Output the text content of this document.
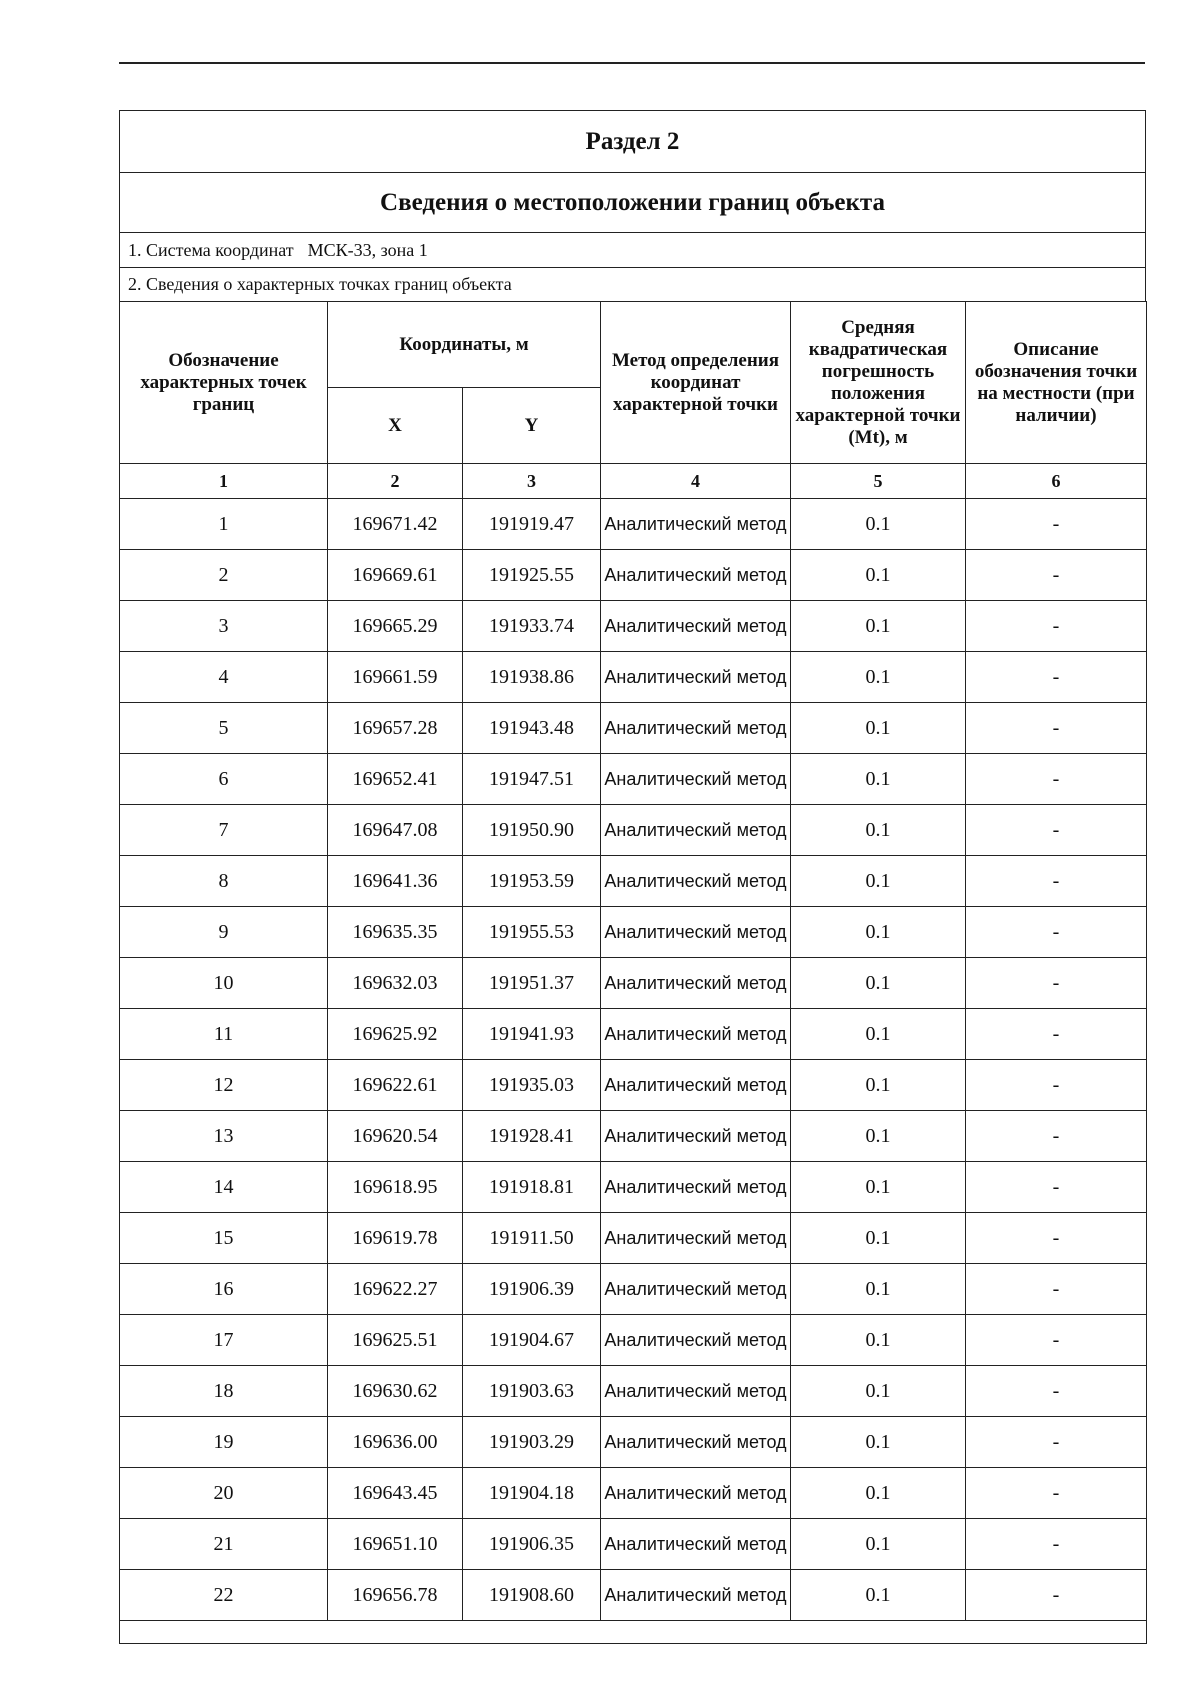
Раздел 2
Сведения о местоположении границ объекта
1. Система координат МСК-33, зона 1
2. Сведения о характерных точках границ объекта
Обозначение характерных точек границ	Координаты, м		Метод определения координат характерной точки	Средняя квадратическая погрешность положения характерной точки (Mt), м	Описание обозначения точки на местности (при наличии)
	X	Y			
1	2	3	4	5	6
1	169671.42	191919.47	Аналитический метод	0.1	-
2	169669.61	191925.55	Аналитический метод	0.1	-
3	169665.29	191933.74	Аналитический метод	0.1	-
4	169661.59	191938.86	Аналитический метод	0.1	-
5	169657.28	191943.48	Аналитический метод	0.1	-
6	169652.41	191947.51	Аналитический метод	0.1	-
7	169647.08	191950.90	Аналитический метод	0.1	-
8	169641.36	191953.59	Аналитический метод	0.1	-
9	169635.35	191955.53	Аналитический метод	0.1	-
10	169632.03	191951.37	Аналитический метод	0.1	-
11	169625.92	191941.93	Аналитический метод	0.1	-
12	169622.61	191935.03	Аналитический метод	0.1	-
13	169620.54	191928.41	Аналитический метод	0.1	-
14	169618.95	191918.81	Аналитический метод	0.1	-
15	169619.78	191911.50	Аналитический метод	0.1	-
16	169622.27	191906.39	Аналитический метод	0.1	-
17	169625.51	191904.67	Аналитический метод	0.1	-
18	169630.62	191903.63	Аналитический метод	0.1	-
19	169636.00	191903.29	Аналитический метод	0.1	-
20	169643.45	191904.18	Аналитический метод	0.1	-
21	169651.10	191906.35	Аналитический метод	0.1	-
22	169656.78	191908.60	Аналитический метод	0.1	-
